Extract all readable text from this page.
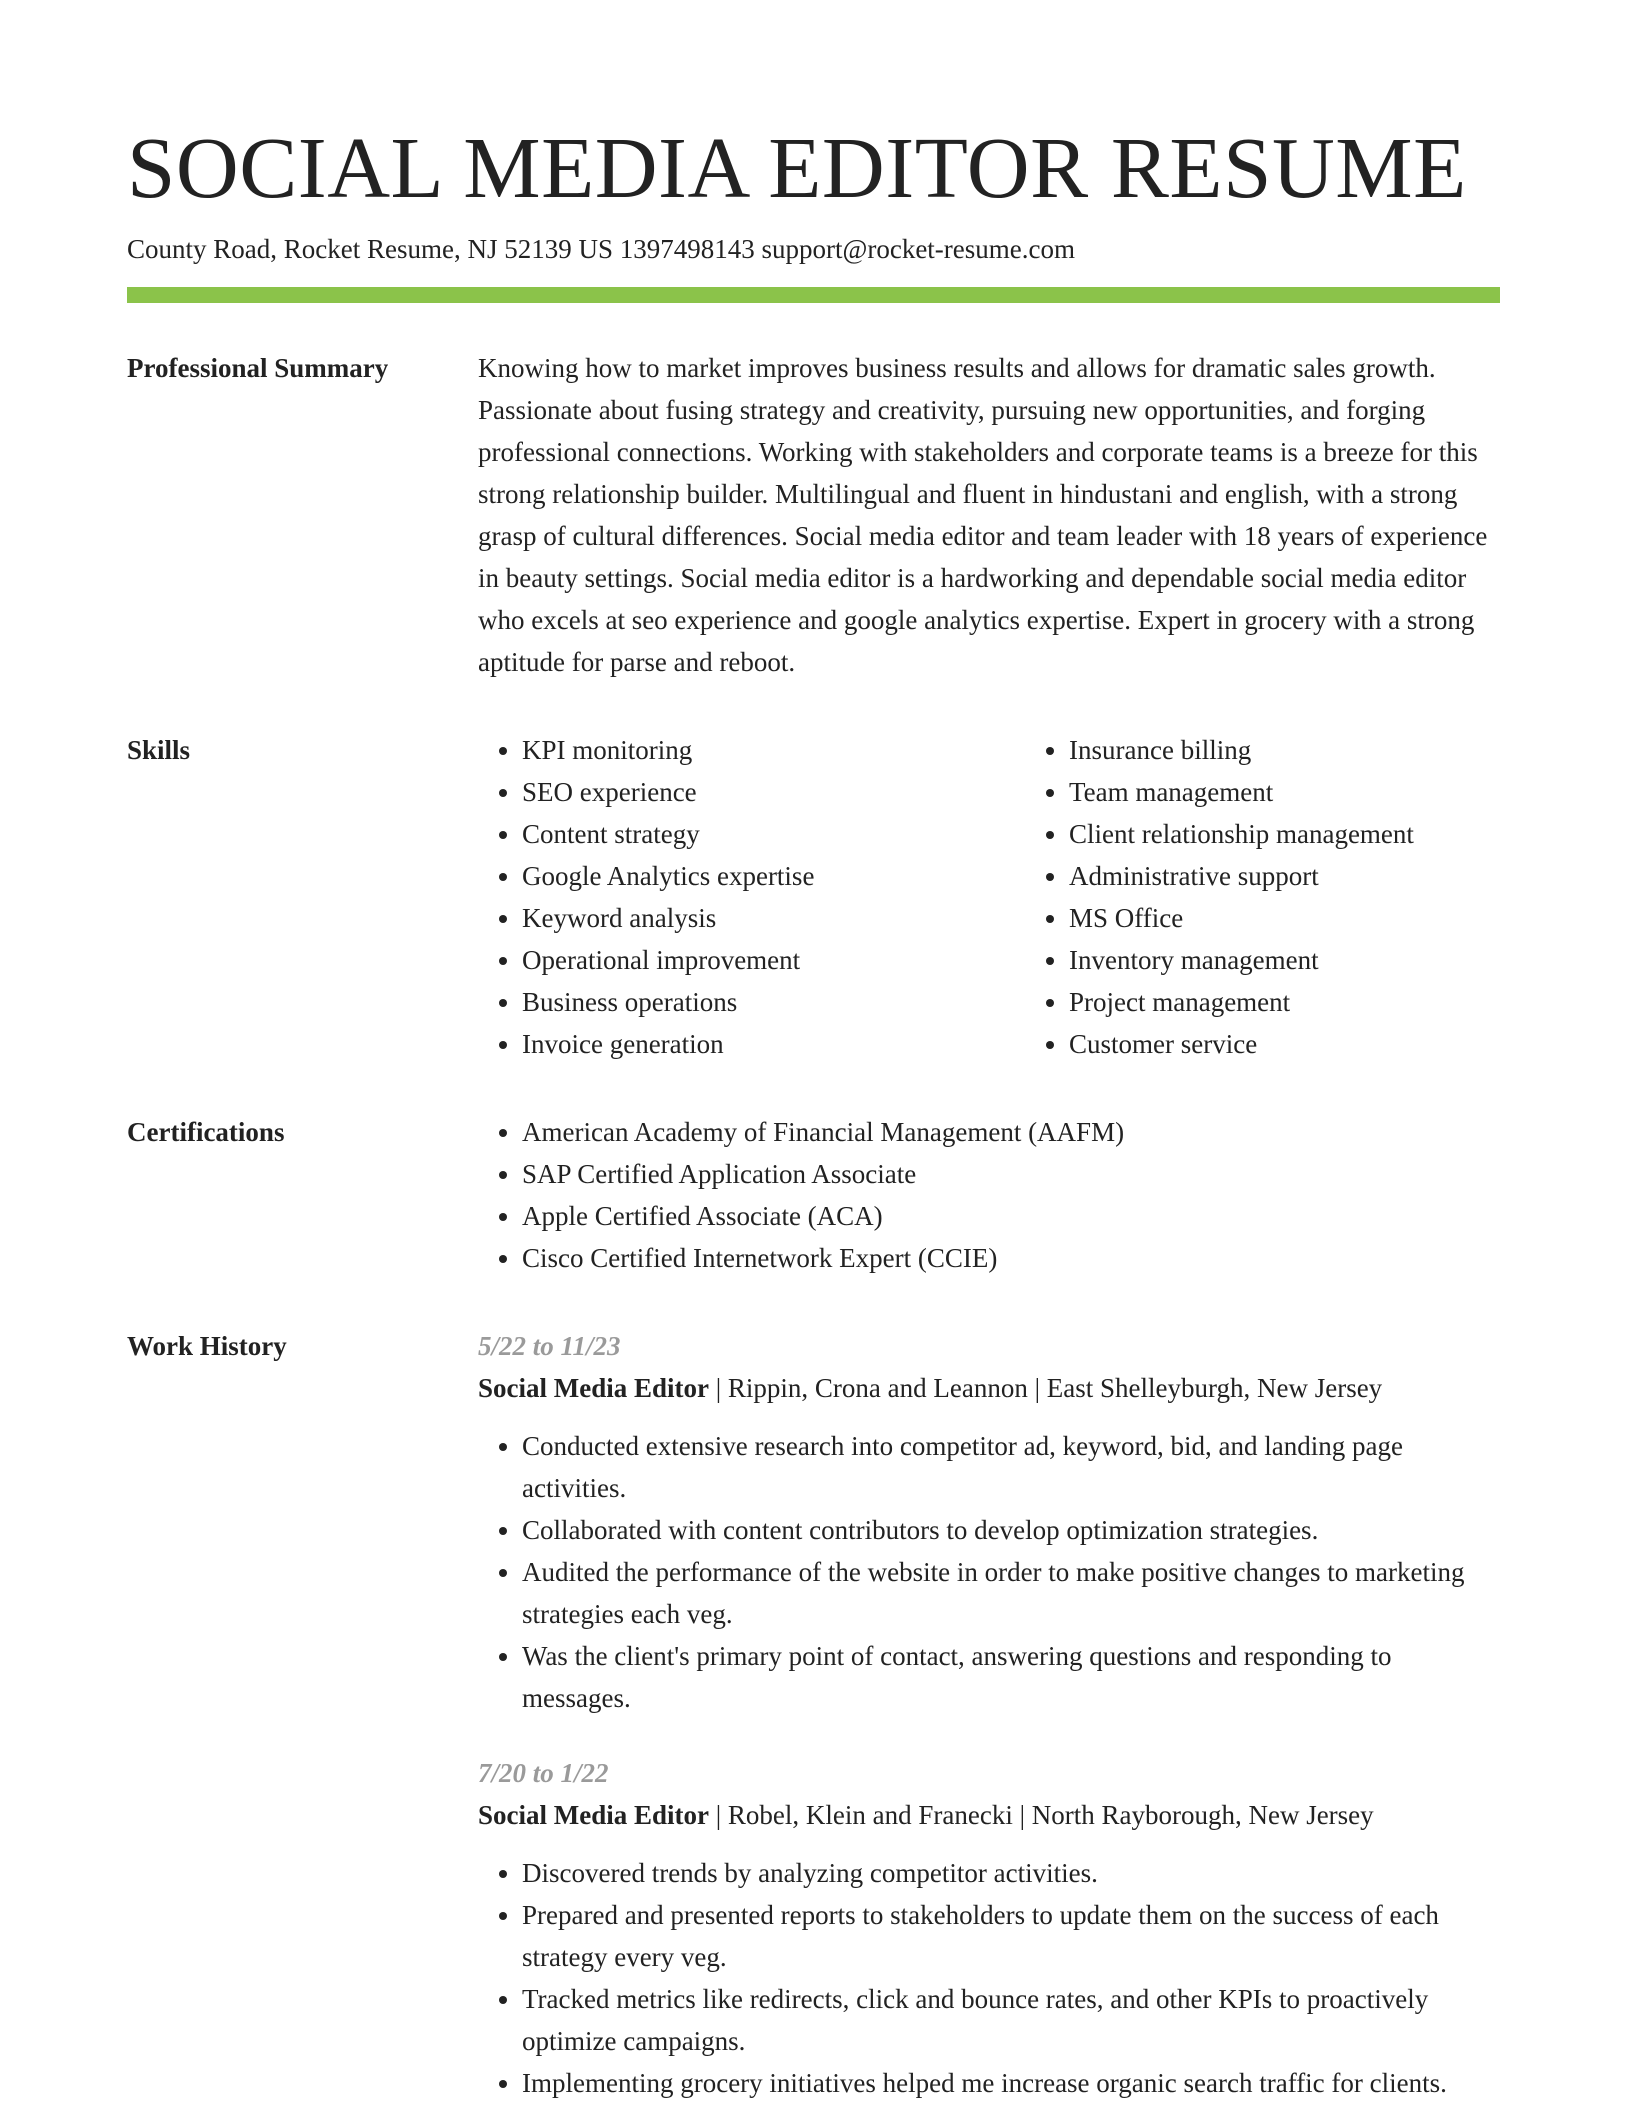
SOCIAL MEDIA EDITOR RESUME
County Road, Rocket Resume, NJ 52139 US 1397498143 support@rocket-resume.com
Professional Summary	Knowing how to market improves business results and allows for dramatic sales growth. Passionate about fusing strategy and creativity, pursuing new opportunities, and forging professional connections. Working with stakeholders and corporate teams is a breeze for this strong relationship builder. Multilingual and fluent in hindustani and english, with a strong grasp of cultural differences. Social media editor and team leader with 18 years of experience in beauty settings. Social media editor is a hardworking and dependable social media editor who excels at seo experience and google analytics expertise. Expert in grocery with a strong aptitude for parse and reboot.

Skills	• KPI monitoring
• SEO experience
• Content strategy
• Google Analytics expertise
• Keyword analysis
• Operational improvement
• Business operations
• Invoice generation
• Insurance billing
• Team management
• Client relationship management
• Administrative support
• MS Office
• Inventory management
• Project management
• Customer service
Certifications	• American Academy of Financial Management (AAFM)
• SAP Certified Application Associate
• Apple Certified Associate (ACA)
• Cisco Certified Internetwork Expert (CCIE)
Work History	5/22 to 11/23
Social Media Editor | Rippin, Crona and Leannon | East Shelleyburgh, New Jersey
• Conducted extensive research into competitor ad, keyword, bid, and landing page activities.
• Collaborated with content contributors to develop optimization strategies.
• Audited the performance of the website in order to make positive changes to marketing strategies each veg.
• Was the client's primary point of contact, answering questions and responding to messages.
7/20 to 1/22
Social Media Editor | Robel, Klein and Franecki | North Rayborough, New Jersey
• Discovered trends by analyzing competitor activities.
• Prepared and presented reports to stakeholders to update them on the success of each strategy every veg.
• Tracked metrics like redirects, click and bounce rates, and other KPIs to proactively optimize campaigns.
• Implementing grocery initiatives helped me increase organic search traffic for clients.
